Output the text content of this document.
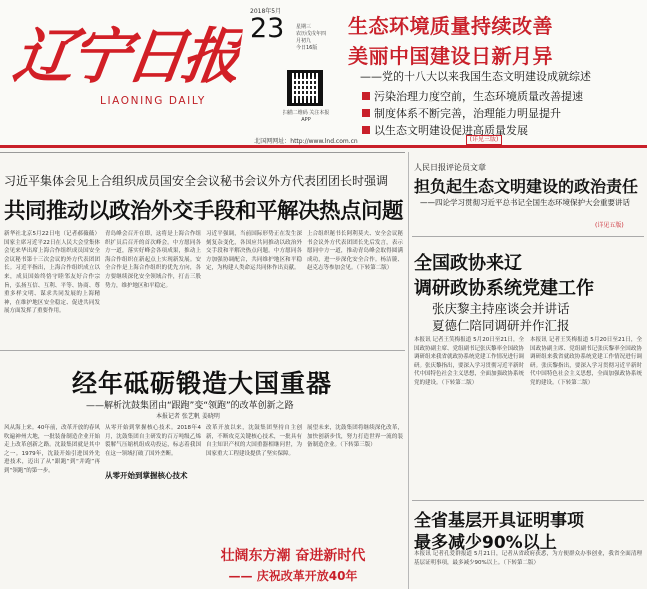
辽宁日报
LIAONING DAILY
2018年5月
23	星期三
农历戊戌年四月初九
今日16版
扫描二维码 关注本报APP
北国网网址：http://www.lnd.com.cn
生态环境质量持续改善
美丽中国建设日新月异
——党的十八大以来我国生态文明建设成就综述
污染治理力度空前，生态环境质量改善提速
制度体系不断完善，治理能力明显提升
以生态文明建设促进高质量发展
(详见三版)
习近平集体会见上合组织成员国安全会议秘书会议外方代表团团长时强调
共同推动以政治外交手段和平解决热点问题
新华社北京5月22日电（记者郝薇薇）国家主席习近平22日在人民大会堂集体会见来华出席上海合作组织成员国安全会议秘书第十三次会议的外方代表团团长。习近平指出，上海合作组织成立以来，成员国始终恪守睦邻友好合作宗旨，弘扬互信、互利、平等、协商、尊重多样文明、谋求共同发展的上海精神，在维护地区安全稳定、促进共同发展方面发挥了重要作用。
青岛峰会召开在即，这将是上海合作组织扩员后召开的首次峰会。中方愿同各方一道，落实好峰会各项成果，推动上海合作组织在新起点上实现新发展。安全合作是上海合作组织的优先方向，各方要继续深化安全领域合作，打击三股势力，维护地区和平稳定。
习近平强调，当前国际形势正在发生深刻复杂变化，各国应共同推动以政治外交手段和平解决热点问题。中方愿同各方加强协调配合，共同维护地区和平稳定，为构建人类命运共同体作出贡献。
上合组织秘书长阿利莫夫、安全会议秘书会议外方代表团团长先后发言，表示愿同中方一道，推动青岛峰会取得圆满成功，进一步深化安全合作。杨洁篪、赵克志等参加会见。（下转第二版）
经年砥砺锻造大国重器
——解析沈鼓集团由“跟跑”变“领跑”的改革创新之路
本报记者 张艺帆 姜晓明
风从海上来。40年前，改革开放的春风吹遍神州大地，一批装备制造企业开始走上改革创新之路。沈鼓集团就是其中之一。1979年，沈鼓开始引进国外先进技术，迈出了从“跟跑”到“并跑”再到“领跑”的第一步。
从零开始到掌握核心技术
从零开始到掌握核心技术。2018年4月，沈鼓集团自主研发的百万吨级乙烯裂解气压缩机组成功投运，标志着我国在这一领域打破了国外垄断。
改革开放以来，沈鼓集团坚持自主创新，不断攻克关键核心技术，一批具有自主知识产权的大国重器相继问世，为国家重大工程建设提供了坚实保障。
展望未来，沈鼓集团将继续深化改革，加快创新步伐，努力打造世界一流的装备制造企业。（下转第三版）
壮阔东方潮 奋进新时代
—— 庆祝改革开放40年
人民日报评论员文章
担负起生态文明建设的政治责任
——四论学习贯彻习近平总书记全国生态环境保护大会重要讲话
(详见五版)
全国政协来辽
调研政协系统党建工作
张庆黎主持座谈会并讲话
夏德仁陪同调研并作汇报
本报讯 记者王笑梅报道 5月20日至21日，全国政协副主席、党组副书记张庆黎率全国政协调研组来我省就政协系统党建工作情况进行调研。张庆黎指出，要深入学习贯彻习近平新时代中国特色社会主义思想，全面加强政协系统党的建设。（下转第二版）
本报讯 记者王笑梅报道 5月20日至21日，全国政协副主席、党组副书记张庆黎率全国政协调研组来我省就政协系统党建工作情况进行调研。张庆黎指出，要深入学习贯彻习近平新时代中国特色社会主义思想，全面加强政协系统党的建设。（下转第二版）
全省基层开具证明事项
最多减少90%以上
本报讯 记者孔爱群报道 5月21日，记者从省政府获悉，为方便群众办事创业，我省全面清理基层证明事项，最多减少90%以上。（下转第二版）
